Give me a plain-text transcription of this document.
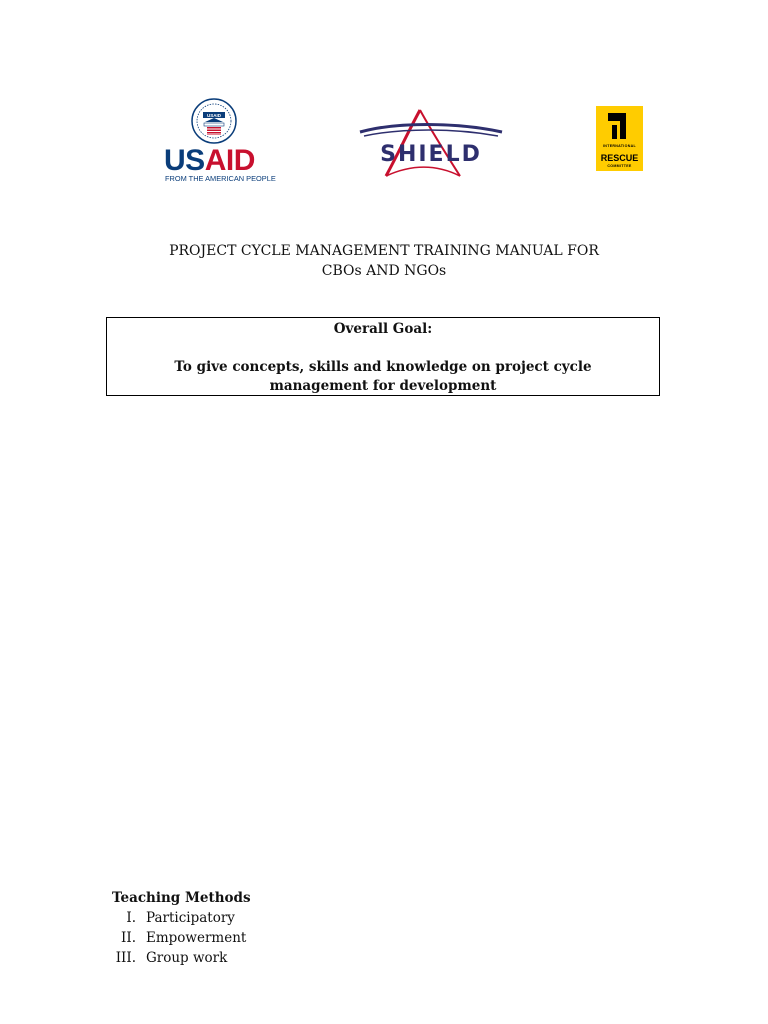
USAID
USAID
FROM THE AMERICAN PEOPLE
SHIELD	INTERNATIONAL
RESCUE
COMMITTEE
PROJECT CYCLE MANAGEMENT TRAINING MANUAL FOR
CBOs AND NGOs
Overall Goal:
To give concepts, skills and knowledge on project cycle management for development
Teaching Methods
I. Participatory
II. Empowerment
III. Group work
